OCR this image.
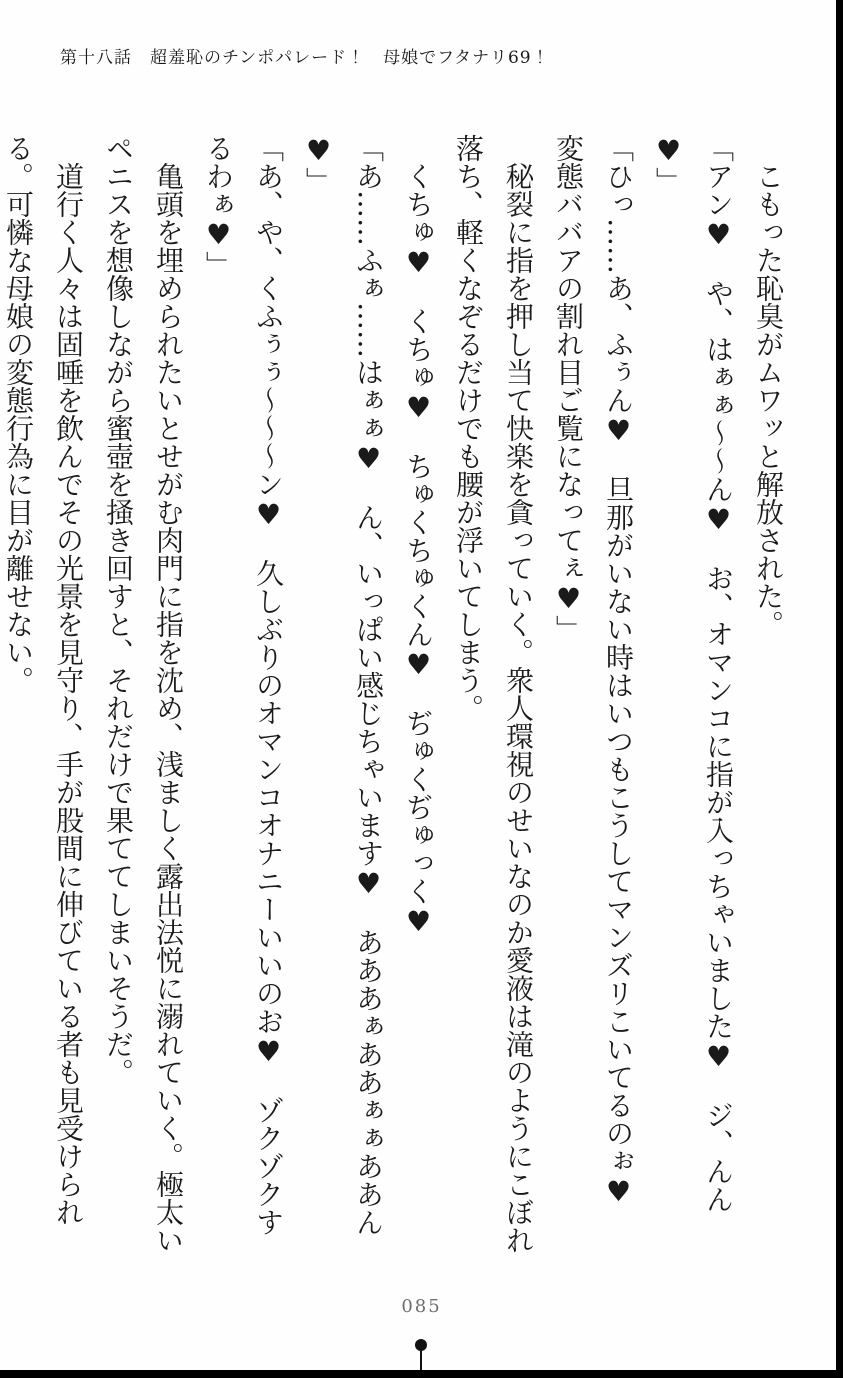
第十八話　超羞恥のチンポパレード！　母娘でフタナリ69！

こもった恥臭がムワッと解放された。

「アン♥　や、はぁぁ～～ん♥　お、オマンコに指が入っちゃいました♥　ジ、んん♥」

「ひっ……あ、ふぅん♥　旦那がいない時はいつもこうしてマンズリこいてるのぉ♥　変態ババアの割れ目ご覧になってぇ♥」

秘裂に指を押し当て快楽を貪っていく。衆人環視のせいなのか愛液は滝のようにこぼれ落ち、軽くなぞるだけでも腰が浮いてしまう。

くちゅ♥　くちゅ♥　ちゅくちゅくん♥　ぢゅくぢゅっく♥

「あ……ふぁ……はぁぁ♥　ん、いっぱい感じちゃいます♥　あああぁああぁぁああん♥」

「あ、や、くふぅぅ～～～ン♥　久しぶりのオマンコオナニーいいのお♥　ゾクゾクするわぁ♥」

亀頭を埋められたいとせがむ肉門に指を沈め、浅ましく露出法悦に溺れていく。極太いペニスを想像しながら蜜壺を掻き回すと、それだけで果ててしまいそうだ。

道行く人々は固唾を飲んでその光景を見守り、手が股間に伸びている者も見受けられる。可憐な母娘の変態行為に目が離せない。

085
